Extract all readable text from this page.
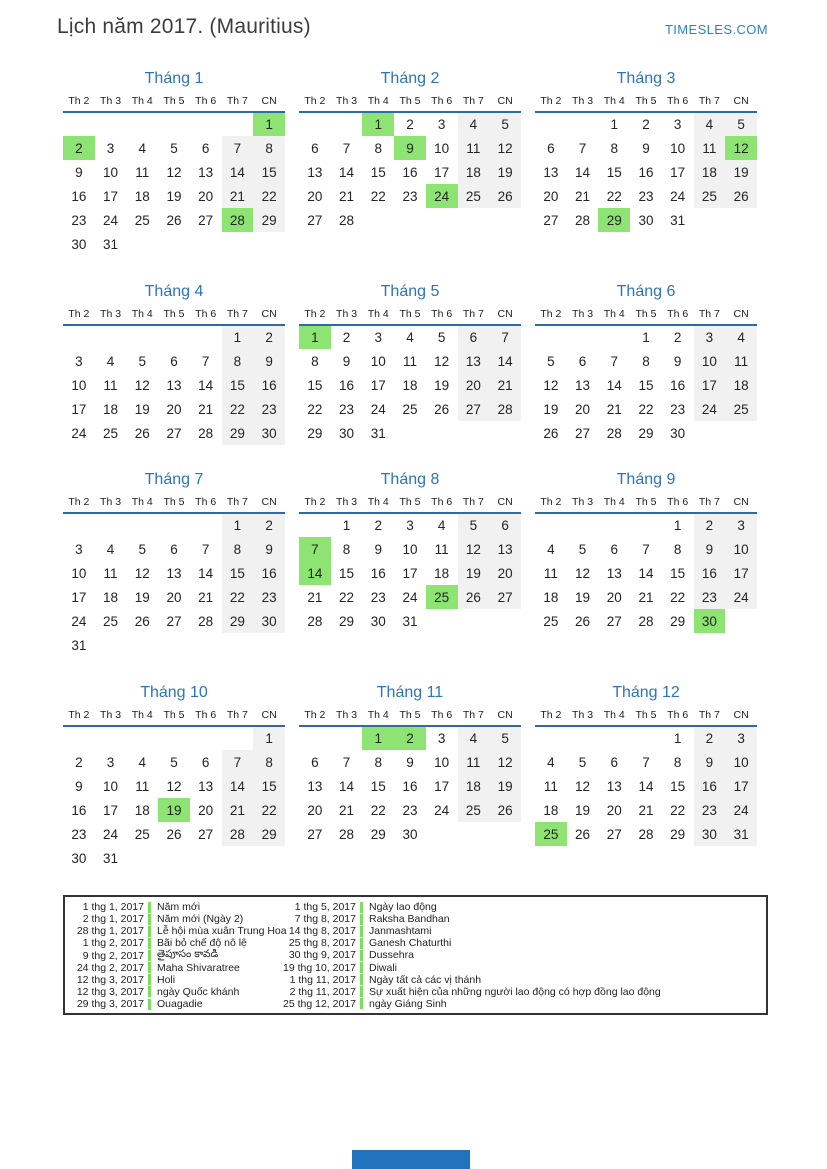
Lịch năm 2017. (Mauritius)	TIMESLES.COM
Tháng 1
Th 2	Th 3	Th 4	Th 5	Th 6	Th 7	CN
						1
2	3	4	5	6	7	8
9	10	11	12	13	14	15
16	17	18	19	20	21	22
23	24	25	26	27	28	29
30	31					
Tháng 2
Th 2	Th 3	Th 4	Th 5	Th 6	Th 7	CN
		1	2	3	4	5
6	7	8	9	10	11	12
13	14	15	16	17	18	19
20	21	22	23	24	25	26
27	28					
Tháng 3
Th 2	Th 3	Th 4	Th 5	Th 6	Th 7	CN
		1	2	3	4	5
6	7	8	9	10	11	12
13	14	15	16	17	18	19
20	21	22	23	24	25	26
27	28	29	30	31		
Tháng 4
Th 2	Th 3	Th 4	Th 5	Th 6	Th 7	CN
					1	2
3	4	5	6	7	8	9
10	11	12	13	14	15	16
17	18	19	20	21	22	23
24	25	26	27	28	29	30
Tháng 5
Th 2	Th 3	Th 4	Th 5	Th 6	Th 7	CN
1	2	3	4	5	6	7
8	9	10	11	12	13	14
15	16	17	18	19	20	21
22	23	24	25	26	27	28
29	30	31				
Tháng 6
Th 2	Th 3	Th 4	Th 5	Th 6	Th 7	CN
			1	2	3	4
5	6	7	8	9	10	11
12	13	14	15	16	17	18
19	20	21	22	23	24	25
26	27	28	29	30		
Tháng 7
Th 2	Th 3	Th 4	Th 5	Th 6	Th 7	CN
					1	2
3	4	5	6	7	8	9
10	11	12	13	14	15	16
17	18	19	20	21	22	23
24	25	26	27	28	29	30
31						
Tháng 8
Th 2	Th 3	Th 4	Th 5	Th 6	Th 7	CN
	1	2	3	4	5	6
7	8	9	10	11	12	13
14	15	16	17	18	19	20
21	22	23	24	25	26	27
28	29	30	31			
Tháng 9
Th 2	Th 3	Th 4	Th 5	Th 6	Th 7	CN
				1	2	3
4	5	6	7	8	9	10
11	12	13	14	15	16	17
18	19	20	21	22	23	24
25	26	27	28	29	30	
Tháng 10
Th 2	Th 3	Th 4	Th 5	Th 6	Th 7	CN
						1
2	3	4	5	6	7	8
9	10	11	12	13	14	15
16	17	18	19	20	21	22
23	24	25	26	27	28	29
30	31					
Tháng 11
Th 2	Th 3	Th 4	Th 5	Th 6	Th 7	CN
		1	2	3	4	5
6	7	8	9	10	11	12
13	14	15	16	17	18	19
20	21	22	23	24	25	26
27	28	29	30			
Tháng 12
Th 2	Th 3	Th 4	Th 5	Th 6	Th 7	CN
				1	2	3
4	5	6	7	8	9	10
11	12	13	14	15	16	17
18	19	20	21	22	23	24
25	26	27	28	29	30	31
1 thg 1, 2017 Năm mới
2 thg 1, 2017 Năm mới (Ngày 2)
28 thg 1, 2017 Lễ hội mùa xuân Trung Hoa
1 thg 2, 2017 Bãi bỏ chế độ nô lệ
9 thg 2, 2017 తైపూసం కావడి
24 thg 2, 2017 Maha Shivaratree
12 thg 3, 2017 Holi
12 thg 3, 2017 ngày Quốc khánh
29 thg 3, 2017 Ouagadie
1 thg 5, 2017 Ngày lao động
7 thg 8, 2017 Raksha Bandhan
14 thg 8, 2017 Janmashtami
25 thg 8, 2017 Ganesh Chaturthi
30 thg 9, 2017 Dussehra
19 thg 10, 2017 Diwali
1 thg 11, 2017 Ngày tất cả các vị thánh
2 thg 11, 2017 Sự xuất hiện của những người lao động có hợp đồng lao động
25 thg 12, 2017 ngày Giáng Sinh
